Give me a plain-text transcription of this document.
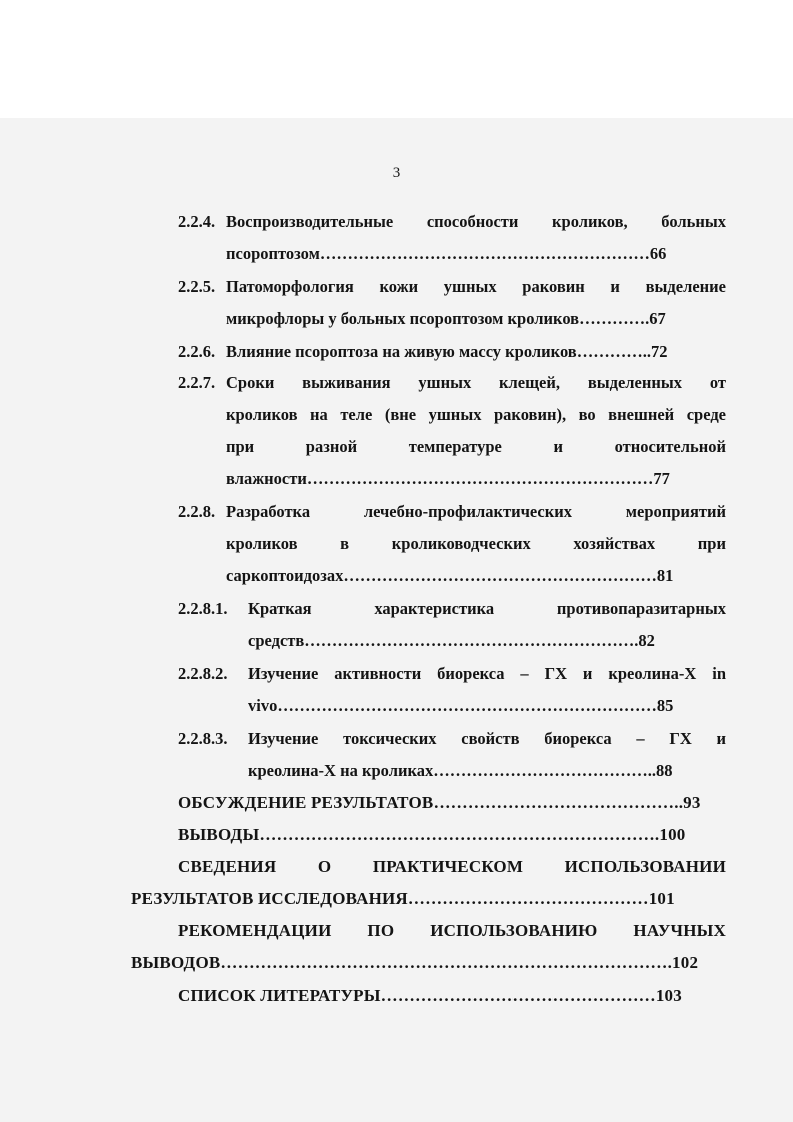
3
2.2.4. Воспроизводительные способности кроликов, больных
псороптозом……………………………………………………66
2.2.5. Патоморфология кожи ушных раковин и выделение
микрофлоры у больных псороптозом кроликов………….67
2.2.6. Влияние псороптоза на живую массу кроликов…………..72
2.2.7. Сроки выживания ушных клещей, выделенных от
кроликов на теле (вне ушных раковин), во внешней среде
при разной температуре и относительной
влажности………………………………………………………77
2.2.8. Разработка лечебно-профилактических мероприятий
кроликов в кролиководческих хозяйствах при
саркоптоидозах…………………………………………………81
2.2.8.1. Краткая характеристика противопаразитарных
средств…………………………………………………….82
2.2.8.2. Изучение активности биорекса – ГХ и креолина-Х in
vivo……………………………………………………………85
2.2.8.3. Изучение токсических свойств биорекса – ГХ и
креолина-Х на кроликах…………………………………..88
ОБСУЖДЕНИЕ РЕЗУЛЬТАТОВ……………………………………..93
ВЫВОДЫ…………………………………………………………….100
СВЕДЕНИЯ О ПРАКТИЧЕСКОМ ИСПОЛЬЗОВАНИИ
РЕЗУЛЬТАТОВ ИССЛЕДОВАНИЯ……………………………………101
РЕКОМЕНДАЦИИ ПО ИСПОЛЬЗОВАНИЮ НАУЧНЫХ
ВЫВОДОВ…………………………………………………………………….102
СПИСОК ЛИТЕРАТУРЫ…………………………………………103
